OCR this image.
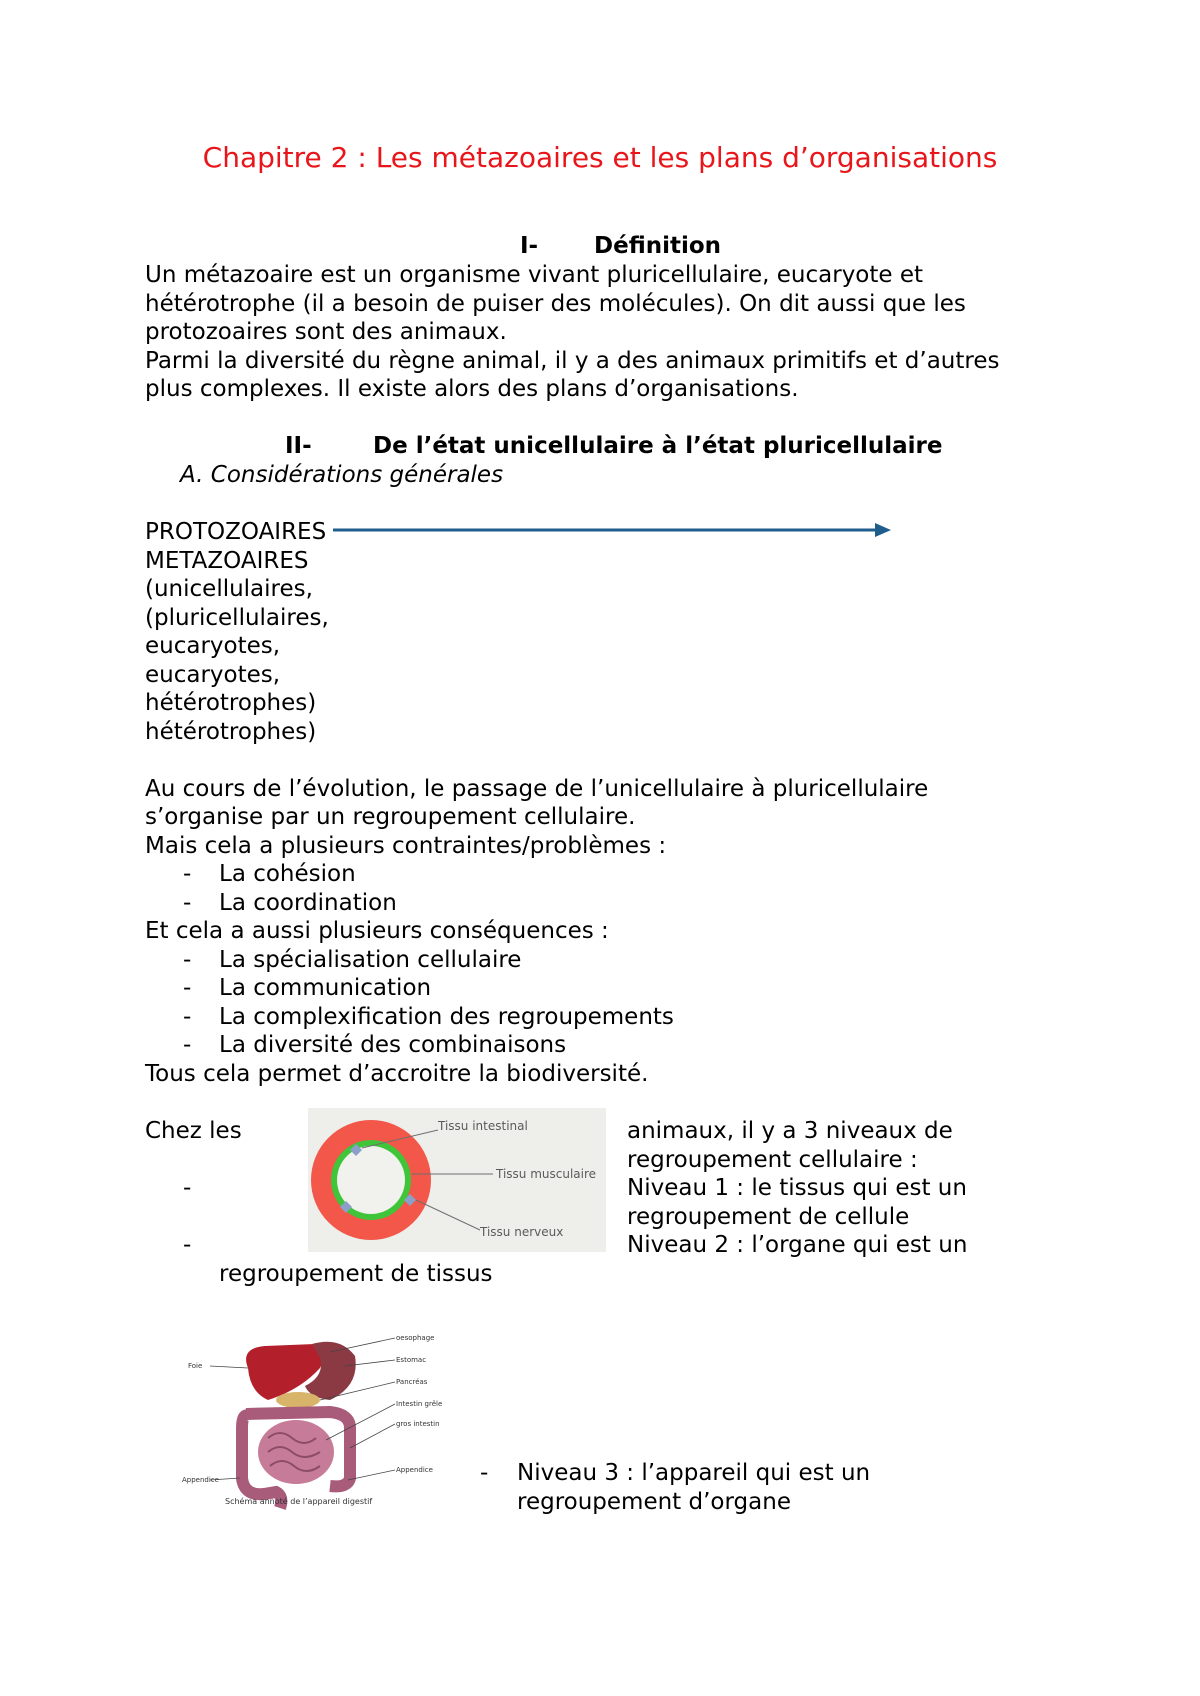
Chapitre 2 : Les métazoaires et les plans d’organisations
I- Définition
Un métazoaire est un organisme vivant pluricellulaire, eucaryote et
hétérotrophe (il a besoin de puiser des molécules). On dit aussi que les
protozoaires sont des animaux.
Parmi la diversité du règne animal, il y a des animaux primitifs et d’autres
plus complexes. Il existe alors des plans d’organisations.
II-	De l’état unicellulaire à l’état pluricellulaire
A. Considérations générales
PROTOZOAIRES
METAZOAIRES
(unicellulaires,
(pluricellulaires,
eucaryotes,
eucaryotes,
hétérotrophes)
hétérotrophes)
Au cours de l’évolution, le passage de l’unicellulaire à pluricellulaire
s’organise par un regroupement cellulaire.
Mais cela a plusieurs contraintes/problèmes :
- La cohésion
- La coordination
Et cela a aussi plusieurs conséquences :
- La spécialisation cellulaire
- La communication
- La complexification des regroupements
- La diversité des combinaisons
Tous cela permet d’accroitre la biodiversité.
Chez les	Tissu intestinal
Tissu musculaire
Tissu nerveux
animaux, il y a 3 niveaux de
regroupement cellulaire :
-	Niveau 1 : le tissus qui est un
regroupement de cellule
-	Niveau 2 : l’organe qui est un
regroupement de tissus
oesophage
Estomac
Pancréas
Intestin grêle
gros intestin
Appendice
Foie
Appendice
Schéma annoté de l’appareil digestif
- Niveau 3 : l’appareil qui est un
regroupement d’organe
